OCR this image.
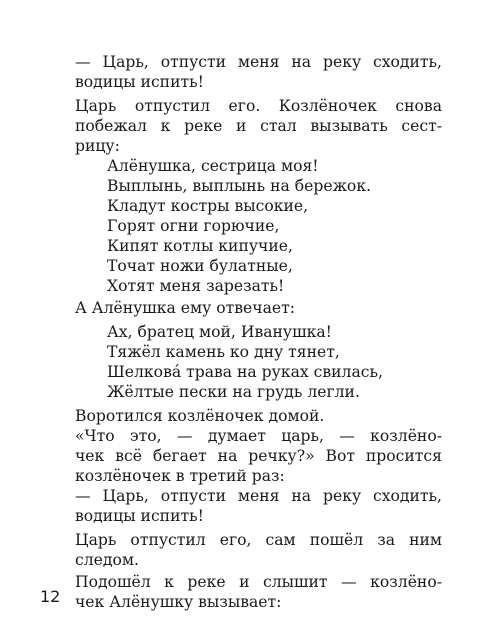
— Царь, отпусти меня на реку сходить,
водицы испить!
Царь отпустил его. Козлёночек снова
побежал к реке и стал вызывать сест-
рицу:
Алёнушка, сестрица моя!
Выплынь, выплынь на бережок.
Кладут костры высокие,
Горят огни горючие,
Кипят котлы кипучие,
Точат ножи булатные,
Хотят меня зарезать!
А Алёнушка ему отвечает:
Ах, братец мой, Иванушка!
Тяжёл камень ко дну тянет,
Шелкова́ трава на руках свилась,
Жёлтые пески на грудь легли.
Воротился козлёночек домой.
«Что это, — думает царь, — козлёно-
чек всё бегает на речку?» Вот просится
козлёночек в третий раз:
— Царь, отпусти меня на реку сходить,
водицы испить!
Царь отпустил его, сам пошёл за ним
следом.
Подошёл к реке и слышит — козлёно-
чек Алёнушку вызывает:
12
